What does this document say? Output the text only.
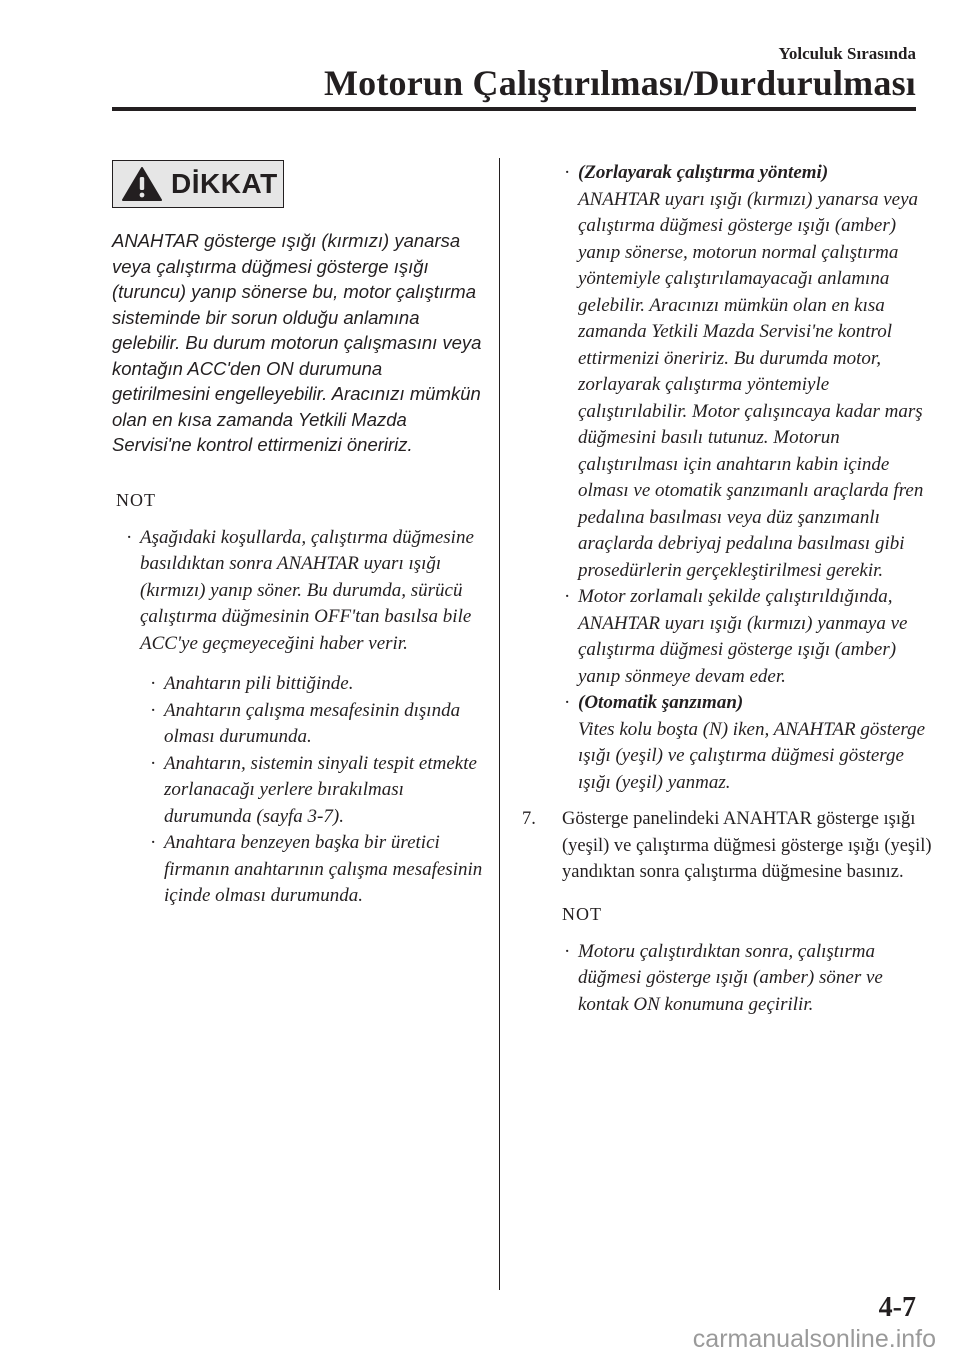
Yolculuk Sırasında
Motorun Çalıştırılması/Durdurulması
DİKKAT
ANAHTAR gösterge ışığı (kırmızı) yanarsa veya çalıştırma düğmesi gösterge ışığı (turuncu) yanıp sönerse bu, motor çalıştırma sisteminde bir sorun olduğu anlamına gelebilir. Bu durum motorun çalışmasını veya kontağın ACC'den ON durumuna getirilmesini engelleyebilir. Aracınızı mümkün olan en kısa zamanda Yetkili Mazda Servisi'ne kontrol ettirmenizi öneririz.
NOT
· Aşağıdaki koşullarda, çalıştırma düğmesine basıldıktan sonra ANAHTAR uyarı ışığı (kırmızı) yanıp söner. Bu durumda, sürücü çalıştırma düğmesinin OFF'tan basılsa bile ACC'ye geçmeyeceğini haber verir.
· Anahtarın pili bittiğinde.
· Anahtarın çalışma mesafesinin dışında olması durumunda.
· Anahtarın, sistemin sinyali tespit etmekte zorlanacağı yerlere bırakılması durumunda (sayfa 3-7).
· Anahtara benzeyen başka bir üretici firmanın anahtarının çalışma mesafesinin içinde olması durumunda.
· (Zorlayarak çalıştırma yöntemi)
ANAHTAR uyarı ışığı (kırmızı) yanarsa veya çalıştırma düğmesi gösterge ışığı (amber) yanıp sönerse, motorun normal çalıştırma yöntemiyle çalıştırılamayacağı anlamına gelebilir. Aracınızı mümkün olan en kısa zamanda Yetkili Mazda Servisi'ne kontrol ettirmenizi öneririz. Bu durumda motor, zorlayarak çalıştırma yöntemiyle çalıştırılabilir. Motor çalışıncaya kadar marş düğmesini basılı tutunuz. Motorun çalıştırılması için anahtarın kabin içinde olması ve otomatik şanzımanlı araçlarda fren pedalına basılması veya düz şanzımanlı araçlarda debriyaj pedalına basılması gibi prosedürlerin gerçekleştirilmesi gerekir.
· Motor zorlamalı şekilde çalıştırıldığında, ANAHTAR uyarı ışığı (kırmızı) yanmaya ve çalıştırma düğmesi gösterge ışığı (amber) yanıp sönmeye devam eder.
· (Otomatik şanzıman)
Vites kolu boşta (N) iken, ANAHTAR gösterge ışığı (yeşil) ve çalıştırma düğmesi gösterge ışığı (yeşil) yanmaz.
7. Gösterge panelindeki ANAHTAR gösterge ışığı (yeşil) ve çalıştırma düğmesi gösterge ışığı (yeşil) yandıktan sonra çalıştırma düğmesine basınız.
NOT
· Motoru çalıştırdıktan sonra, çalıştırma düğmesi gösterge ışığı (amber) söner ve kontak ON konumuna geçirilir.
4-7
carmanualsonline.info
